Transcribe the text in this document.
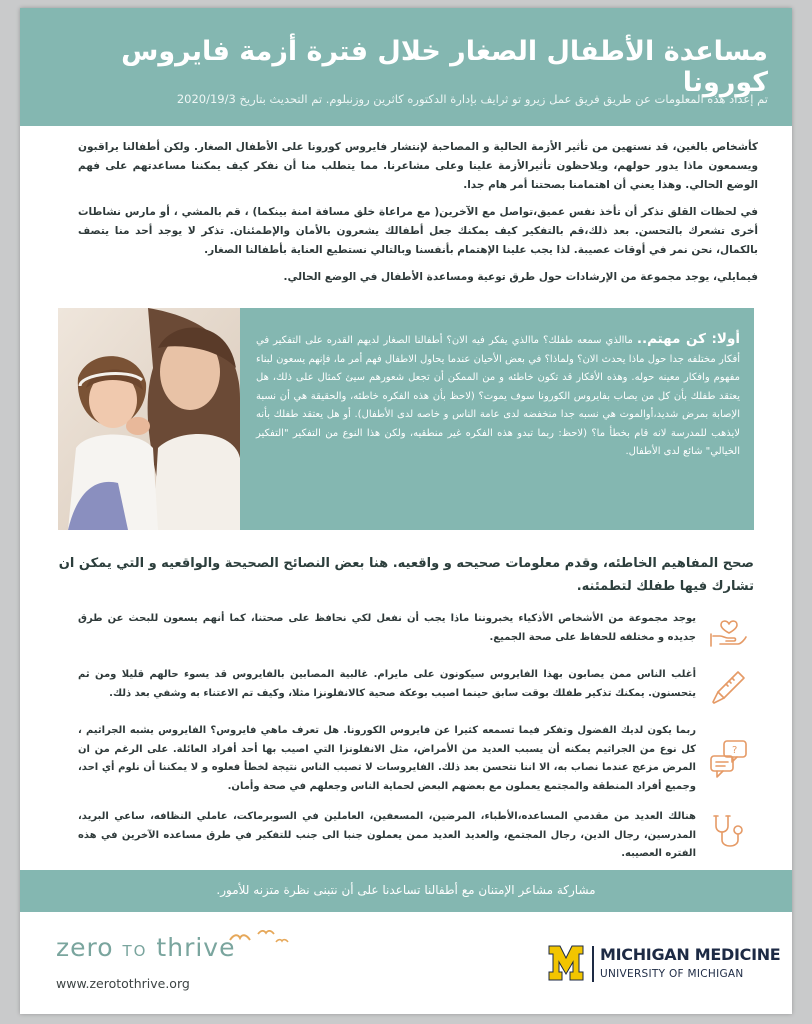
مساعدة الأطفال الصغار خلال فترة أزمة فايروس كورونا
تم إعداد هذه المعلومات عن طريق فريق عمل زيرو تو ثرايف بإدارة الدكتوره كاثرين روزنبلوم. تم التحديث بتاريخ 2020/19/3

كأشخاص بالغين، قد نستهين من تأثير الأزمة الحالية و المصاحبة لإنتشار فايروس كورونا على الأطفال الصغار. ولكن أطفالنا يراقبون ويسمعون ماذا يدور حولهم، ويلاحظون تأثيرالأزمة علينا وعلى مشاعرنا. مما يتطلب منا أن نفكر كيف يمكننا مساعدتهم على فهم الوضع الحالي. وهذا يعني أن اهتمامنا بصحتنا أمر هام جدا.

في لحظات القلق تذكر أن تأخذ نفس عميق،تواصل مع الآخرين( مع مراعاة خلق مسافة امنة بينكما) ، قم بالمشي ، أو مارس نشاطات أخرى تشعرك بالتحسن. بعد ذلك،قم بالتفكير كيف يمكنك جعل أطفالك يشعرون بالأمان والإطمئنان. تذكر لا يوجد أحد منا يتصف بالكمال، نحن نمر في أوقات عصيبة. لذا يجب علينا الإهتمام بأنفسنا وبالتالي نستطيع العناية بأطفالنا الصغار.

فيمايلي، يوجد مجموعة من الإرشادات حول طرق توعية ومساعدة الأطفال في الوضع الحالي.

أولا: كن مهتم.. ماالذي سمعه طفلك؟ ماالذي يفكر فيه الان؟ أطفالنا الصغار لديهم القدره على التفكير في أفكار مختلفه جدا حول ماذا يحدث الان؟ ولماذا؟ في بعض الأحيان عندما يحاول الاطفال فهم أمر ما، فإنهم يسعون لبناء مفهوم وافكار معينه حوله. وهذه الأفكار قد تكون خاطئه و من الممكن أن تجعل شعورهم سيئ كمثال على ذلك، هل يعتقد طفلك بأن كل من يصاب بفايروس الكورونا سوف يموت؟ (لاحظ بأن هذه الفكره خاطئه، والحقيقة هي أن نسبة الإصابة بمرض شديد،أوالموت هي نسبه جدا منخفضه لدى عامة الناس و خاصه لدى الأطفال). أو هل يعتقد طفلك بأنه لايذهب للمدرسة لانه قام بخطأ ما؟ (لاحظ: ربما تبدو هذه الفكره غير منطقيه، ولكن هذا النوع من التفكير "التفكير الخيالي" شائع لدى الأطفال.
صحح المفاهيم الخاطئه، وقدم معلومات صحيحه و واقعيه. هنا بعض النصائح الصحيحة والواقعيه و التي يمكن ان تشارك فيها طفلك لتطمئنه.
يوجد مجموعة من الأشخاص الأذكياء يخبروننا ماذا يجب أن نفعل لكي نحافظ على صحتنا، كما أنهم يسعون للبحث عن طرق جديده و مختلفه للحفاظ على صحة الجميع.
أغلب الناس ممن يصابون بهذا الفايروس سيكونون على مايرام. غالبية المصابين بالفايروس قد يسوء حالهم قليلا ومن ثم يتحسنون. يمكنك تذكير طفلك بوقت سابق حينما اصيب بوعكة صحية كالانفلونزا مثلا، وكيف تم الاعتناء به وشفي بعد ذلك.
?
ربما يكون لديك الفضول وتفكر فيما تسمعه كثيرا عن فايروس الكورونا. هل تعرف ماهي فايروس؟ الفايروس يشبه الجراثيم ، كل نوع من الجراثيم يمكنه أن يسبب العديد من الأمراض، مثل الانفلونزا التي اصيب بها أحد أفراد العائلة. على الرغم من ان المرض مزعج عندما نصاب به، الا اننا نتحسن بعد ذلك. الفايروسات لا تصيب الناس نتيجة لخطأ فعلوه و لا يمكننا أن نلوم أي احد، وجميع أفراد المنطقة والمجتمع يعملون مع بعضهم البعض لحماية الناس وجعلهم في صحة وأمان.
هنالك العديد من مقدمي المساعده،الأطباء، المرضين، المسعفين، العاملين في السوبرماكت، عاملي النظافه، ساعي البريد، المدرسين، رجال الدين، رجال المجتمع، والعديد العديد ممن يعملون جنبا الى جنب للتفكير في طرق مساعده الآخرين في هذه الفتره العصيبه.
مشاركة مشاعر الإمتنان مع أطفالنا تساعدنا على أن نتبنى نظرة متزنه للأمور.
zero TO thrive
www.zerotothrive.org
MICHIGAN MEDICINE
UNIVERSITY OF MICHIGAN
